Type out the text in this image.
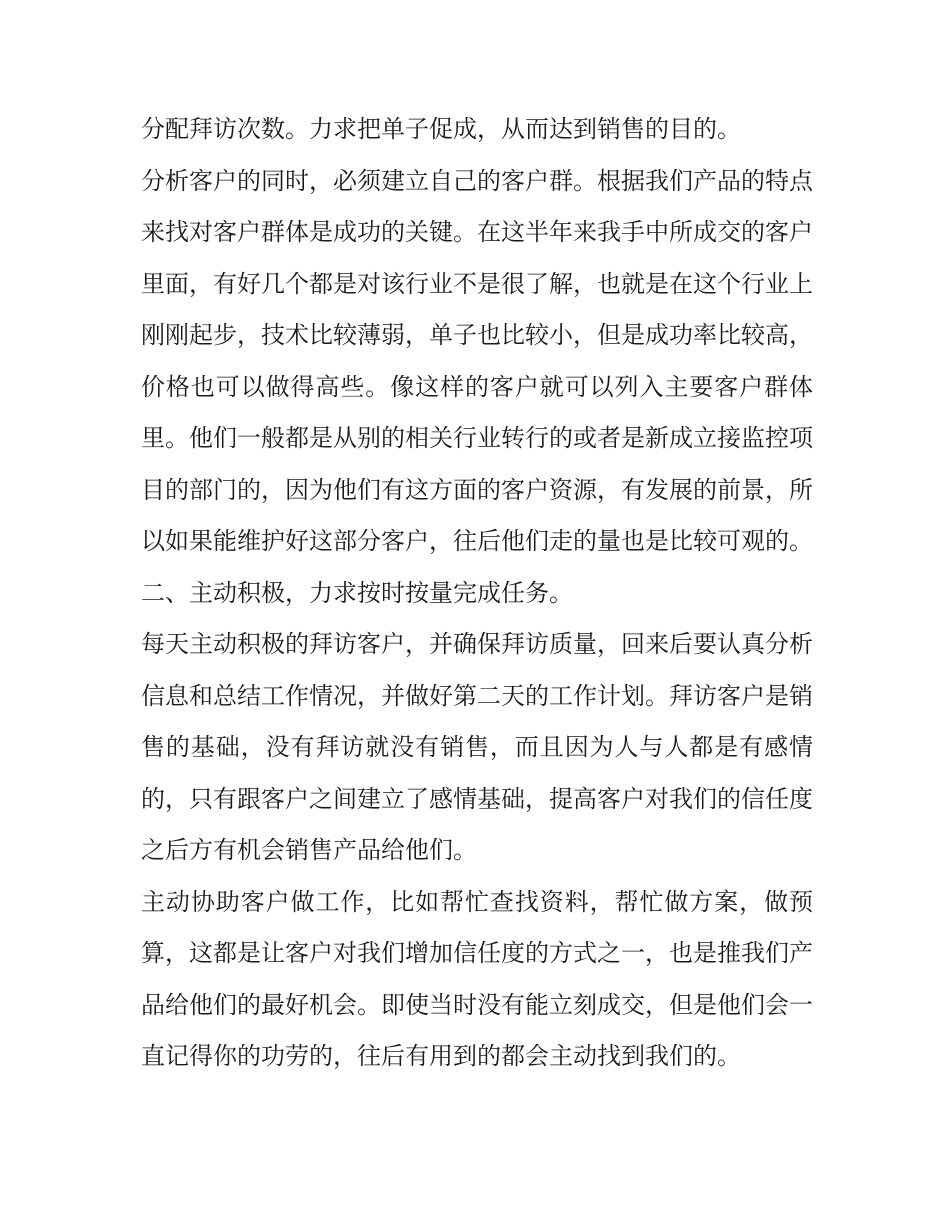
分配拜访次数。力求把单子促成，从而达到销售的目的。

分析客户的同时，必须建立自己的客户群。根据我们产品的特点来找对客户群体是成功的关键。在这半年来我手中所成交的客户里面，有好几个都是对该行业不是很了解，也就是在这个行业上刚刚起步，技术比较薄弱，单子也比较小，但是成功率比较高，价格也可以做得高些。像这样的客户就可以列入主要客户群体里。他们一般都是从别的相关行业转行的或者是新成立接监控项目的部门的，因为他们有这方面的客户资源，有发展的前景，所以如果能维护好这部分客户，往后他们走的量也是比较可观的。

二、主动积极，力求按时按量完成任务。

每天主动积极的拜访客户，并确保拜访质量，回来后要认真分析信息和总结工作情况，并做好第二天的工作计划。拜访客户是销售的基础，没有拜访就没有销售，而且因为人与人都是有感情的，只有跟客户之间建立了感情基础，提高客户对我们的信任度之后方有机会销售产品给他们。

主动协助客户做工作，比如帮忙查找资料，帮忙做方案，做预算，这都是让客户对我们增加信任度的方式之一，也是推我们产品给他们的最好机会。即使当时没有能立刻成交，但是他们会一直记得你的功劳的，往后有用到的都会主动找到我们的。
